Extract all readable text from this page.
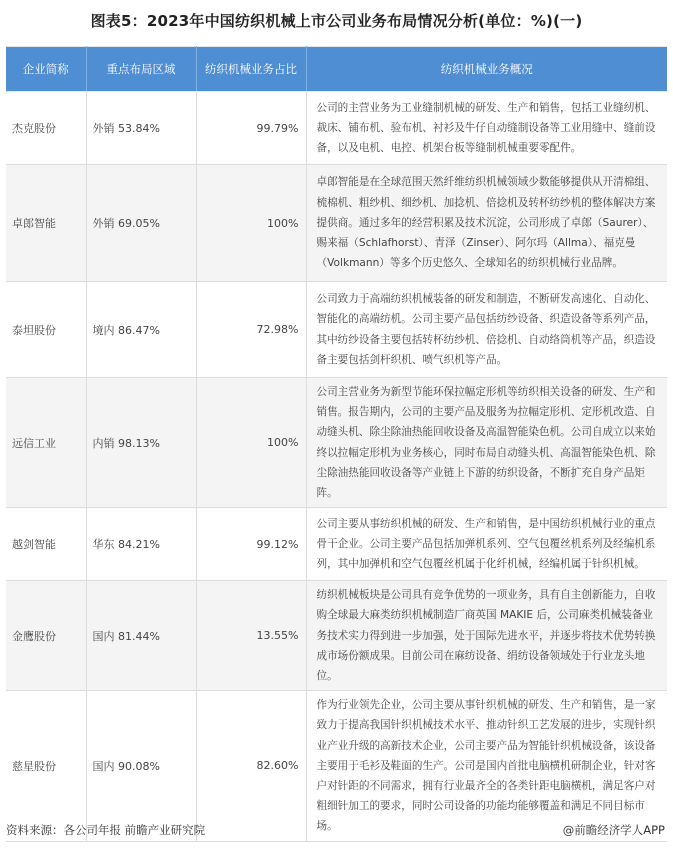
图表5：2023年中国纺织机械上市公司业务布局情况分析(单位：%)(一)
企业简称	重点布局区域	纺织机械业务占比	纺织机械业务概况
杰克股份	外销 53.84%	99.79%	公司的主营业务为工业缝制机械的研发、生产和销售，包括工业缝纫机、裁床、铺布机、验布机、衬衫及牛仔自动缝制设备等工业用缝中、缝前设备，以及电机、电控、机架台板等缝制机械重要零配件。
卓郎智能	外销 69.05%	100%	卓郎智能是在全球范围天然纤维纺织机械领域少数能够提供从开清棉组、梳棉机、粗纱机、细纱机、加捻机、倍捻机及转杯纺纱机的整体解决方案提供商。通过多年的经营积累及技术沉淀，公司形成了卓郎（Saurer）、赐来福（Schlafhorst）、青泽（Zinser）、阿尔玛（Allma）、福克曼（Volkmann）等多个历史悠久、全球知名的纺织机械行业品牌。
泰坦股份	境内 86.47%	72.98%	公司致力于高端纺织机械装备的研发和制造，不断研发高速化、自动化、智能化的高端纺机。公司主要产品包括纺纱设备、织造设备等系列产品，其中纺纱设备主要包括转杯纺纱机、倍捻机、自动络筒机等产品，织造设备主要包括剑杆织机、喷气织机等产品。
远信工业	内销 98.13%	100%	公司主营业务为新型节能环保拉幅定形机等纺织相关设备的研发、生产和销售。报告期内，公司的主要产品及服务为拉幅定形机、定形机改造、自动缝头机、除尘除油热能回收设备及高温智能染色机。公司自成立以来始终以拉幅定形机为业务核心，同时布局自动缝头机、高温智能染色机、除尘除油热能回收设备等产业链上下游的纺织设备，不断扩充自身产品矩阵。
越剑智能	华东 84.21%	99.12%	公司主要从事纺织机械的研发、生产和销售，是中国纺织机械行业的重点骨干企业。公司主要产品包括加弹机系列、空气包覆丝机系列及经编机系列，其中加弹机和空气包覆丝机属于化纤机械，经编机属于针织机械。
金鹰股份	国内 81.44%	13.55%	纺织机械板块是公司具有竞争优势的一项业务，具有自主创新能力，自收购全球最大麻类纺织机械制造厂商英国 MAKIE 后，公司麻类机械装备业务技术实力得到进一步加强，处于国际先进水平，并逐步将技术优势转换成市场份额成果。目前公司在麻纺设备、绢纺设备领域处于行业龙头地位。
慈星股份	国内 90.08%	82.60%	作为行业领先企业，公司主要从事针织机械的研发、生产和销售，是一家致力于提高我国针织机械技术水平、推动针织工艺发展的进步，实现针织业产业升级的高新技术企业，公司主要产品为智能针织机械设备，该设备主要用于毛衫及鞋面的生产。公司是国内首批电脑横机研制企业，针对客户对针距的不同需求，拥有行业最齐全的各类针距电脑横机，满足客户对粗细针加工的要求，同时公司设备的功能均能够覆盖和满足不同目标市场。
资料来源：各公司年报 前瞻产业研究院	@前瞻经济学人APP
